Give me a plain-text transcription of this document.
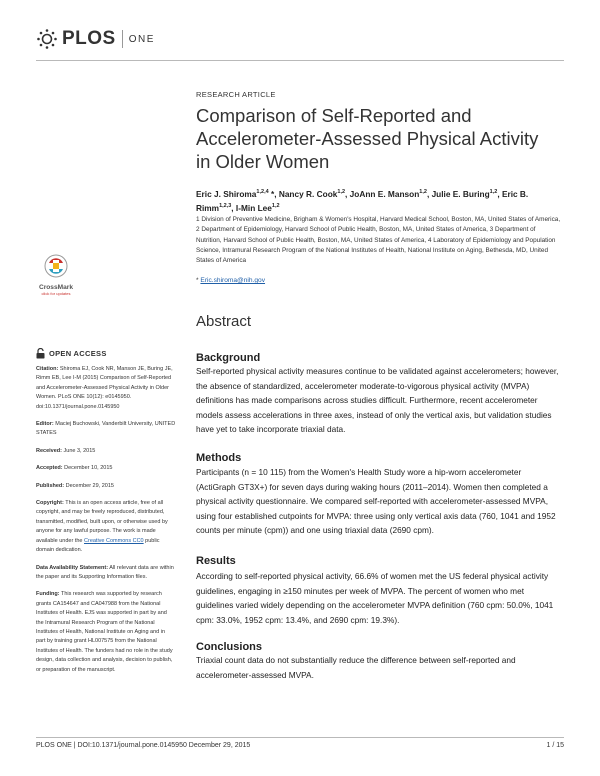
PLOS ONE
RESEARCH ARTICLE
Comparison of Self-Reported and Accelerometer-Assessed Physical Activity in Older Women
Eric J. Shiroma$^{1,2,4}$ *, Nancy R. Cook$^{1,2}$, JoAnn E. Manson$^{1,2}$, Julie E. Buring$^{1,2}$, Eric B. Rimm$^{1,2,3}$, I-Min Lee$^{1,2}$
1 Division of Preventive Medicine, Brigham & Women's Hospital, Harvard Medical School, Boston, MA, United States of America, 2 Department of Epidemiology, Harvard School of Public Health, Boston, MA, United States of America, 3 Department of Nutrition, Harvard School of Public Health, Boston, MA, United States of America, 4 Laboratory of Epidemiology and Population Science, Intramural Research Program of the National Institutes of Health, National Institute on Aging, Bethesda, MD, United States of America
* Eric.shiroma@nih.gov
CrossMark
click for updates
Abstract
Background
Self-reported physical activity measures continue to be validated against accelerometers; however, the absence of standardized, accelerometer moderate-to-vigorous physical activity (MVPA) definitions has made comparisons across studies difficult. Furthermore, recent accelerometer models assess accelerations in three axes, instead of only the vertical axis, but validation studies have yet to take incorporate triaxial data.
Methods
Participants (n = 10 115) from the Women's Health Study wore a hip-worn accelerometer (ActiGraph GT3X+) for seven days during waking hours (2011–2014). Women then completed a physical activity questionnaire. We compared self-reported with accelerometer-assessed MVPA, using four established cutpoints for MVPA: three using only vertical axis data (760, 1041 and 1952 counts per minute (cpm)) and one using triaxial data (2690 cpm).
Results
According to self-reported physical activity, 66.6% of women met the US federal physical activity guidelines, engaging in ≥150 minutes per week of MVPA. The percent of women who met guidelines varied widely depending on the accelerometer MVPA definition (760 cpm: 50.0%, 1041 cpm: 33.0%, 1952 cpm: 13.4%, and 2690 cpm: 19.3%).
Conclusions
Triaxial count data do not substantially reduce the difference between self-reported and accelerometer-assessed MVPA.
OPEN ACCESS
Citation: Shiroma EJ, Cook NR, Manson JE, Buring JE, Rimm EB, Lee I-M (2015) Comparison of Self-Reported and Accelerometer-Assessed Physical Activity in Older Women. PLoS ONE 10(12): e0145950. doi:10.1371/journal.pone.0145950
Editor: Maciej Buchowski, Vanderbilt University, UNITED STATES
Received: June 3, 2015
Accepted: December 10, 2015
Published: December 29, 2015
Copyright: This is an open access article, free of all copyright, and may be freely reproduced, distributed, transmitted, modified, built upon, or otherwise used by anyone for any lawful purpose. The work is made available under the Creative Commons CC0 public domain dedication.
Data Availability Statement: All relevant data are within the paper and its Supporting Information files.
Funding: This research was supported by research grants CA154647 and CA047988 from the National Institutes of Health. EJS was supported in part by and the Intramural Research Program of the National Institutes of Health, National Institute on Aging and in part by training grant HL007575 from the National Institutes of Health. The funders had no role in the study design, data collection and analysis, decision to publish, or preparation of the manuscript.
PLOS ONE | DOI:10.1371/journal.pone.0145950 December 29, 2015	1 / 15
